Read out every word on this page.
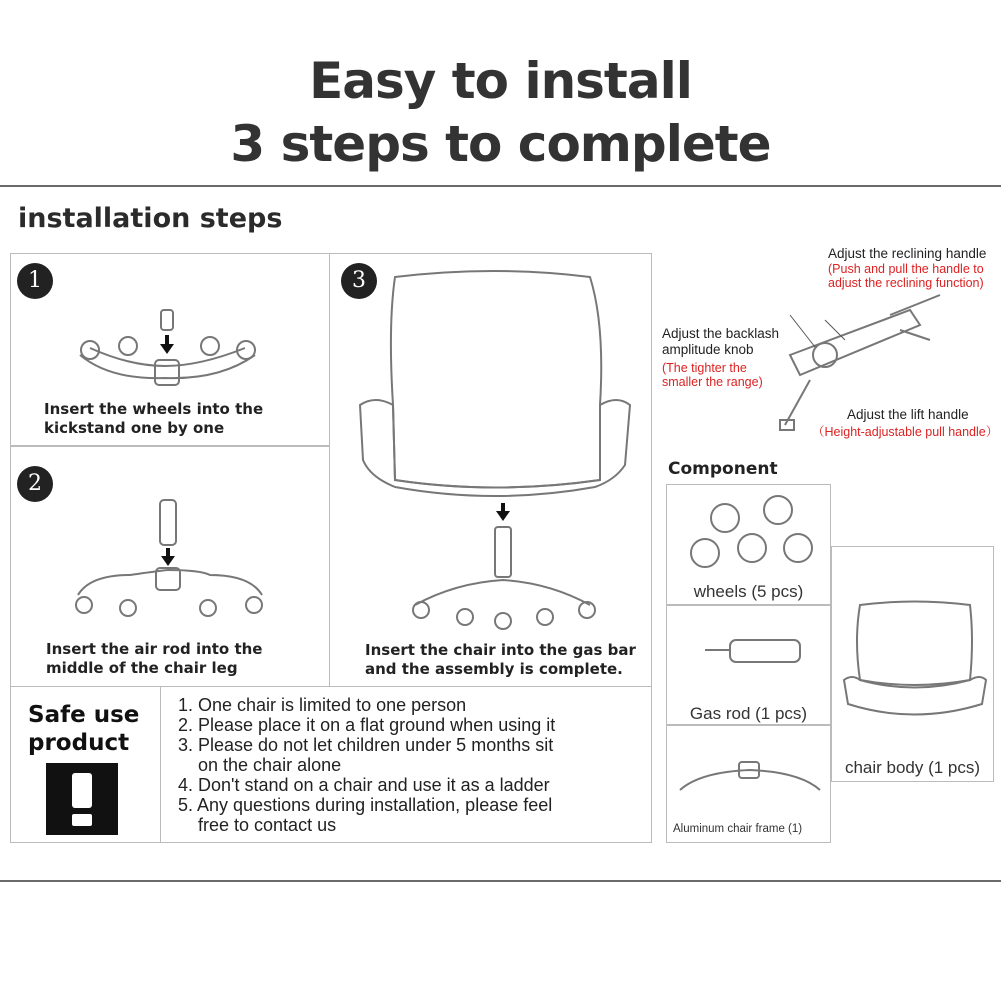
Easy to install
3 steps to complete
installation steps
1
Insert the wheels into the
kickstand one by one
2
Insert the air rod into the
middle of the chair leg
3
Insert the chair into the gas bar
and the assembly is complete.
Safe use
product
1. One chair is limited to one person
2. Please place it on a flat ground when using it
3. Please do not let children under 5 months sit
on the chair alone
4. Don't stand on a chair and use it as a ladder
5. Any questions during installation, please feel
free to contact us
Adjust the reclining handle
(Push and pull the handle to
adjust the reclining function)
Adjust the backlash
amplitude knob
(The tighter the
smaller the range)
Adjust the lift handle
（Height-adjustable pull handle）
Component
wheels (5 pcs)
Gas rod (1 pcs)
Aluminum chair frame (1)
chair body (1 pcs)
